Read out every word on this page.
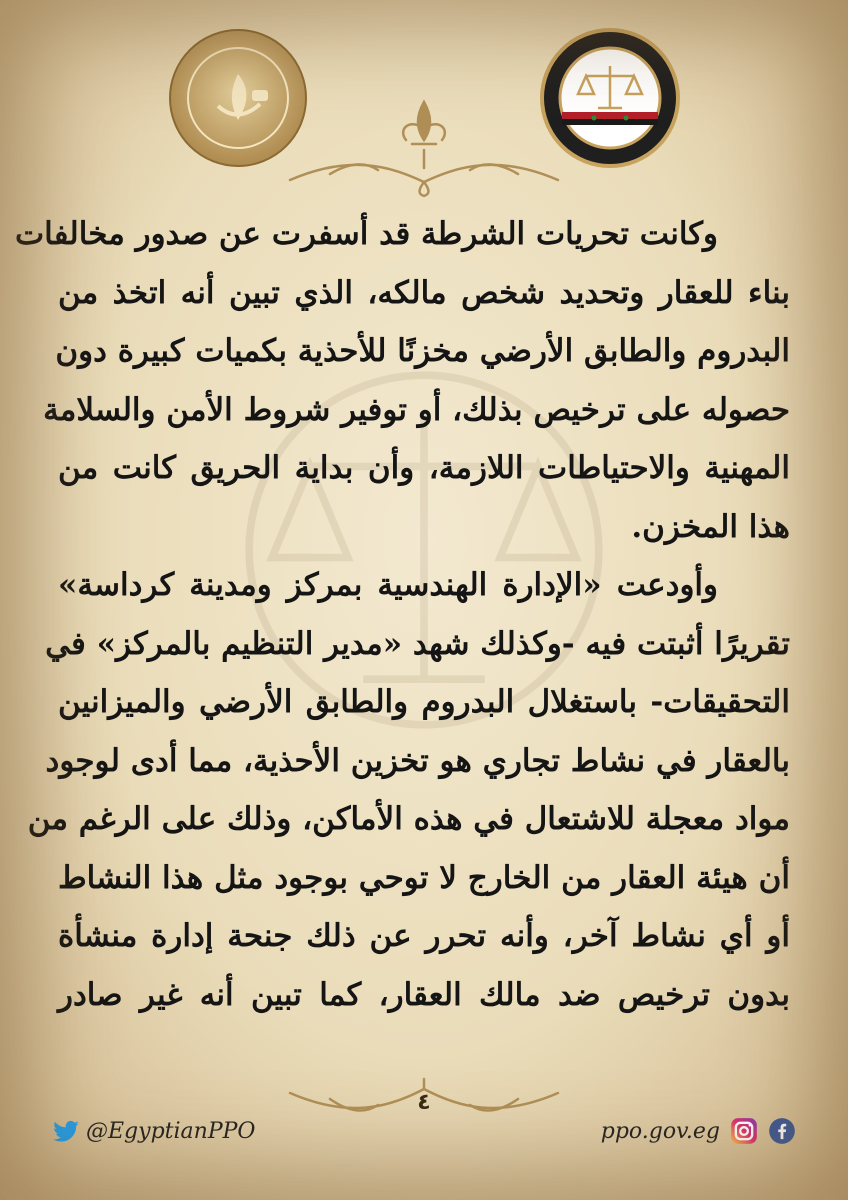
وكانت تحريات الشرطة قد أسفرت عن صدور مخالفات
بناء للعقار وتحديد شخص مالكه، الذي تبين أنه اتخذ من
البدروم والطابق الأرضي مخزنًا للأحذية بكميات كبيرة دون
حصوله على ترخيص بذلك، أو توفير شروط الأمن والسلامة
المهنية والاحتياطات اللازمة، وأن بداية الحريق كانت من
هذا المخزن.
وأودعت «الإدارة الهندسية بمركز ومدينة كرداسة»
تقريرًا أثبتت فيه -وكذلك شهد «مدير التنظيم بالمركز» في
التحقيقات- باستغلال البدروم والطابق الأرضي والميزانين
بالعقار في نشاط تجاري هو تخزين الأحذية، مما أدى لوجود
مواد معجلة للاشتعال في هذه الأماكن، وذلك على الرغم من
أن هيئة العقار من الخارج لا توحي بوجود مثل هذا النشاط
أو أي نشاط آخر، وأنه تحرر عن ذلك جنحة إدارة منشأة
بدون ترخيص ضد مالك العقار، كما تبين أنه غير صادر
٤
@EgyptianPPO	ppo.gov.eg
